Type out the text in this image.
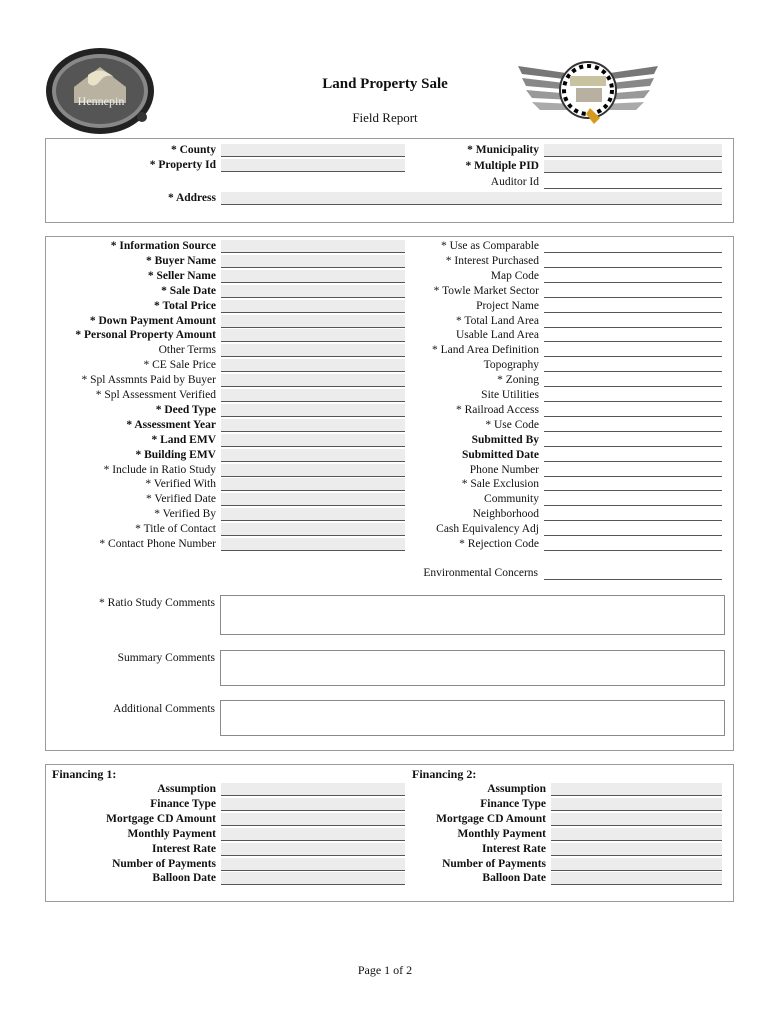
Hennepin
Land Property Sale
Field Report
* County
* Property Id
* Municipality
* Multiple PID
Auditor Id
* Address
* Information Source
* Buyer Name
* Seller Name
* Sale Date
* Total Price
* Down Payment Amount
* Personal Property Amount
Other Terms
* CE Sale Price
* Spl Assmnts Paid by Buyer
* Spl Assessment Verified
* Deed Type
* Assessment Year
* Land EMV
* Building EMV
* Include in Ratio Study
* Verified With
* Verified Date
* Verified By
* Title of Contact
* Contact Phone Number
* Use as Comparable
* Interest Purchased
Map Code
* Towle Market Sector
Project Name
* Total Land Area
Usable Land Area
* Land Area Definition
Topography
* Zoning
Site Utilities
* Railroad Access
* Use Code
Submitted By
Submitted Date
Phone Number
* Sale Exclusion
Community
Neighborhood
Cash Equivalency Adj
* Rejection Code
Environmental Concerns
* Ratio Study Comments
Summary Comments
Additional Comments
Financing 1:
Assumption
Finance Type
Mortgage CD Amount
Monthly Payment
Interest Rate
Number of Payments
Balloon Date
Financing 2:
Assumption
Finance Type
Mortgage CD Amount
Monthly Payment
Interest Rate
Number of Payments
Balloon Date
Page 1 of 2
